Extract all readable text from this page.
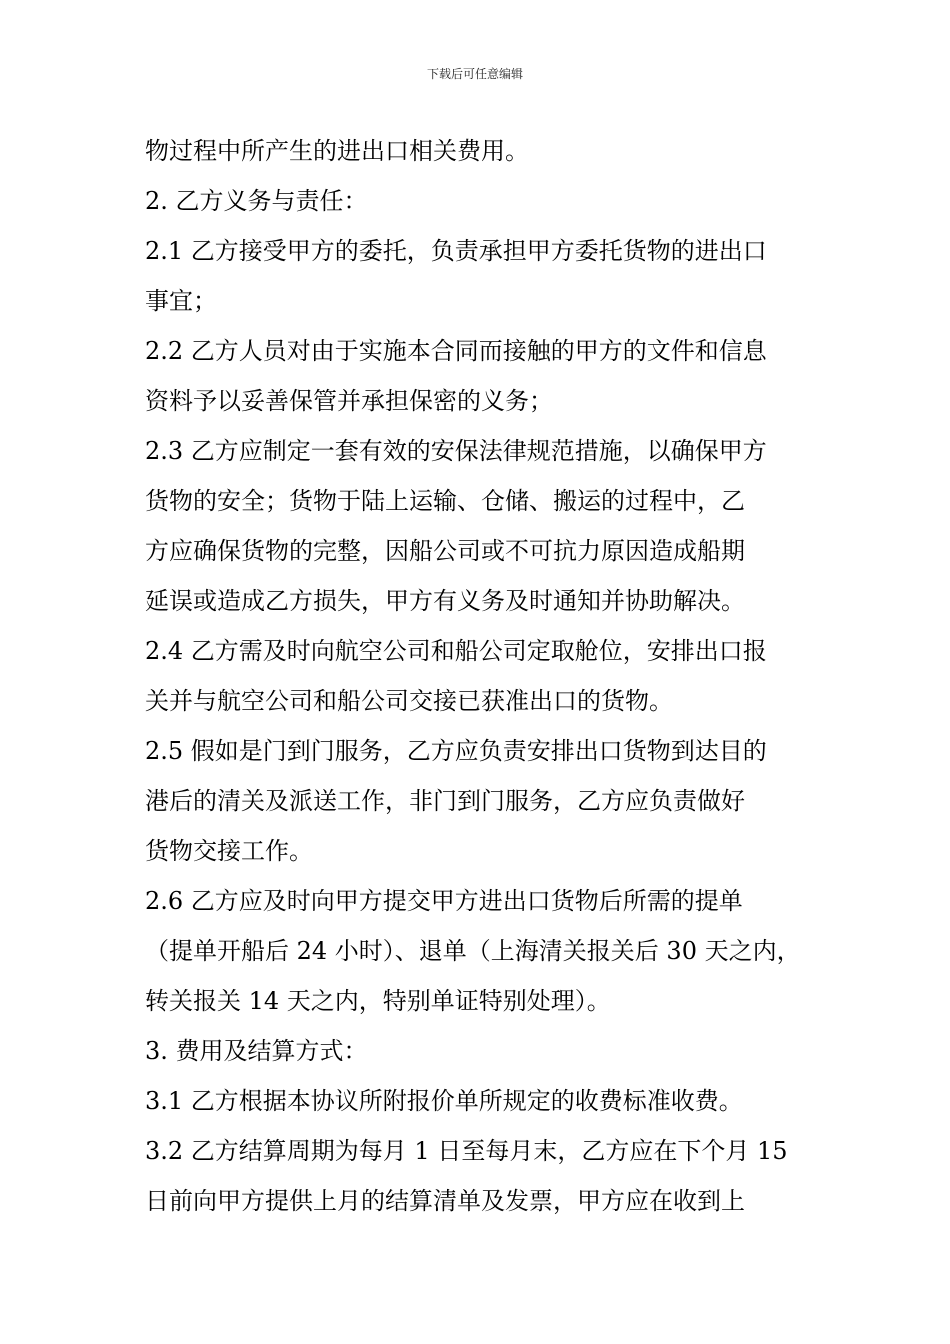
下载后可任意编辑
物过程中所产生的进出口相关费用。
2. 乙方义务与责任：
2.1 乙方接受甲方的委托，负责承担甲方委托货物的进出口
事宜；
2.2 乙方人员对由于实施本合同而接触的甲方的文件和信息
资料予以妥善保管并承担保密的义务；
2.3 乙方应制定一套有效的安保法律规范措施，以确保甲方
货物的安全；货物于陆上运输、仓储、搬运的过程中，乙
方应确保货物的完整，因船公司或不可抗力原因造成船期
延误或造成乙方损失，甲方有义务及时通知并协助解决。
2.4 乙方需及时向航空公司和船公司定取舱位，安排出口报
关并与航空公司和船公司交接已获准出口的货物。
2.5 假如是门到门服务，乙方应负责安排出口货物到达目的
港后的清关及派送工作，非门到门服务，乙方应负责做好
货物交接工作。
2.6 乙方应及时向甲方提交甲方进出口货物后所需的提单
（提单开船后 24 小时）、退单（上海清关报关后 30 天之内，
转关报关 14 天之内，特别单证特别处理）。
3. 费用及结算方式：
3.1 乙方根据本协议所附报价单所规定的收费标准收费。
3.2 乙方结算周期为每月 1 日至每月末，乙方应在下个月 15
日前向甲方提供上月的结算清单及发票，甲方应在收到上
